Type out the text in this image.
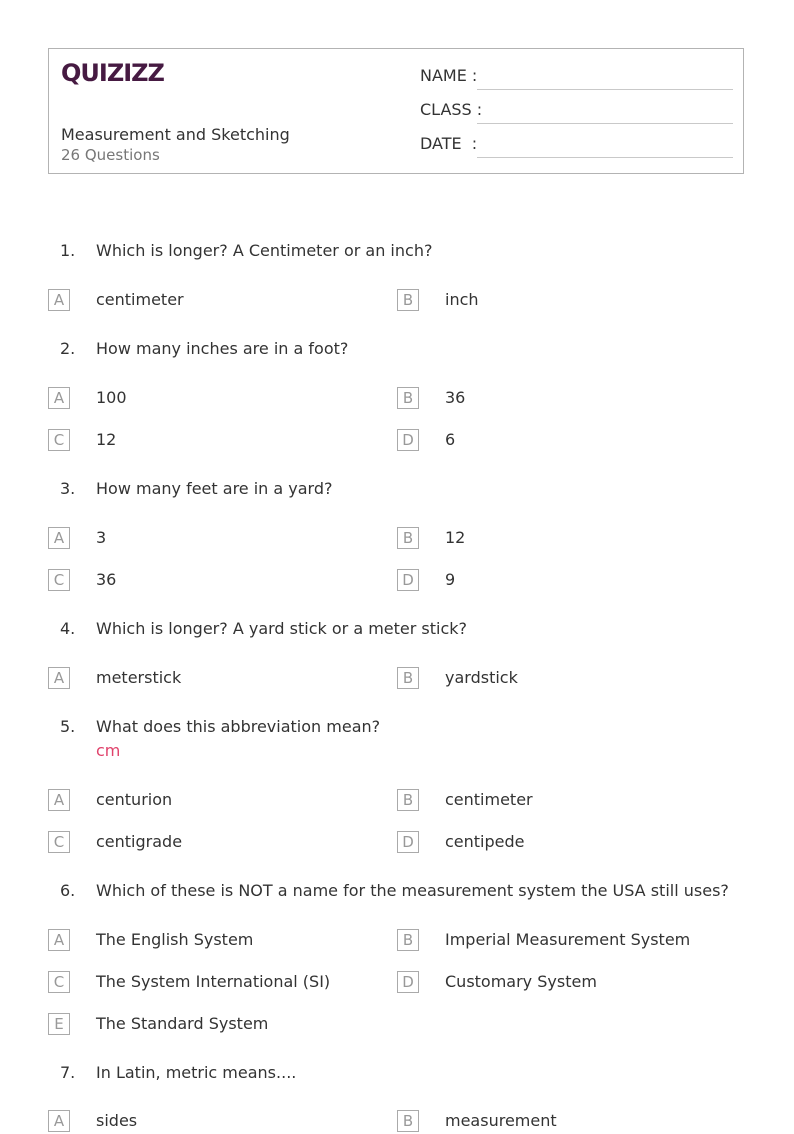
QUIZIZZ
Measurement and Sketching
26 Questions
NAME :
CLASS :
DATE  :
1. Which is longer? A Centimeter or an inch?
A	centimeter	B	inch
2. How many inches are in a foot?
A	100	B	36
C	12	D	6
3. How many feet are in a yard?
A	3	B	12
C	36	D	9
4. Which is longer? A yard stick or a meter stick?
A	meterstick	B	yardstick
5. What does this abbreviation mean?
cm
A	centurion	B	centimeter
C	centigrade	D	centipede
6. Which of these is NOT a name for the measurement system the USA still uses?
A	The English System	B	Imperial Measurement System
C	The System International (SI)	D	Customary System
E	The Standard System
7. In Latin, metric means....
A	sides	B	measurement
